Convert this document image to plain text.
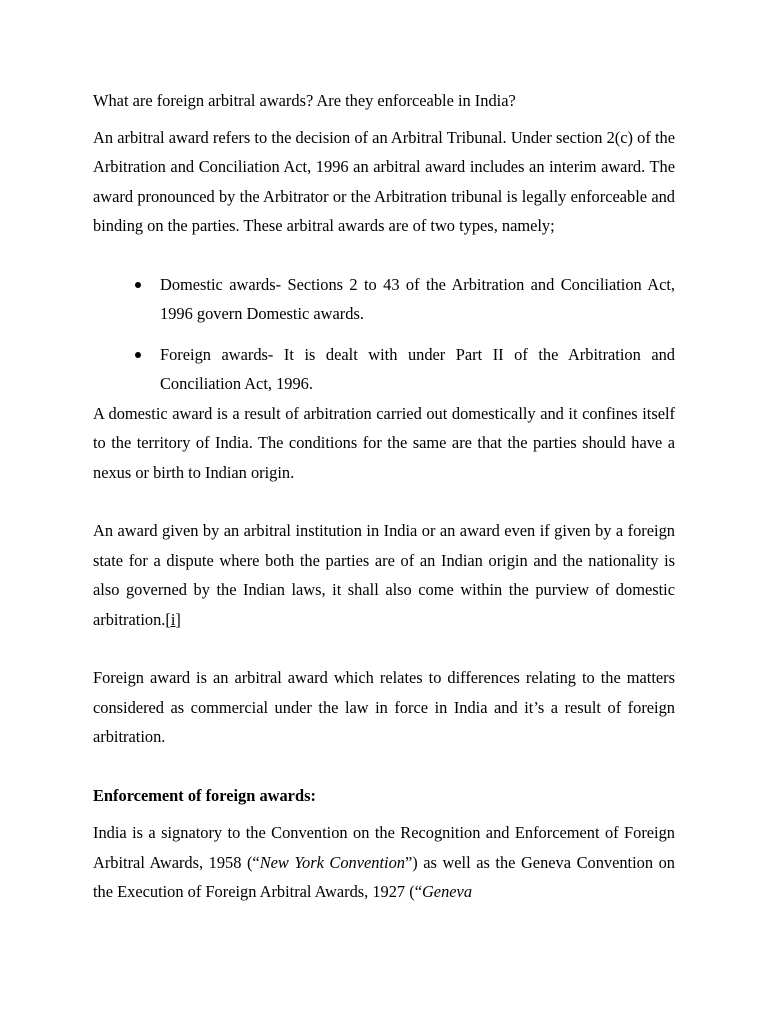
What are foreign arbitral awards? Are they enforceable in India?

An arbitral award refers to the decision of an Arbitral Tribunal. Under section 2(c) of the Arbitration and Conciliation Act, 1996 an arbitral award includes an interim award. The award pronounced by the Arbitrator or the Arbitration tribunal is legally enforceable and binding on the parties. These arbitral awards are of two types, namely;

Domestic awards- Sections 2 to 43 of the Arbitration and Conciliation Act, 1996 govern Domestic awards.
Foreign awards- It is dealt with under Part II of the Arbitration and Conciliation Act, 1996.

A domestic award is a result of arbitration carried out domestically and it confines itself to the territory of India. The conditions for the same are that the parties should have a nexus or birth to Indian origin.

An award given by an arbitral institution in India or an award even if given by a foreign state for a dispute where both the parties are of an Indian origin and the nationality is also governed by the Indian laws, it shall also come within the purview of domestic arbitration.[i]

Foreign award is an arbitral award which relates to differences relating to the matters considered as commercial under the law in force in India and it’s a result of foreign arbitration.

Enforcement of foreign awards:

India is a signatory to the Convention on the Recognition and Enforcement of Foreign Arbitral Awards, 1958 (“New York Convention”) as well as the Geneva Convention on the Execution of Foreign Arbitral Awards, 1927 (“Geneva
